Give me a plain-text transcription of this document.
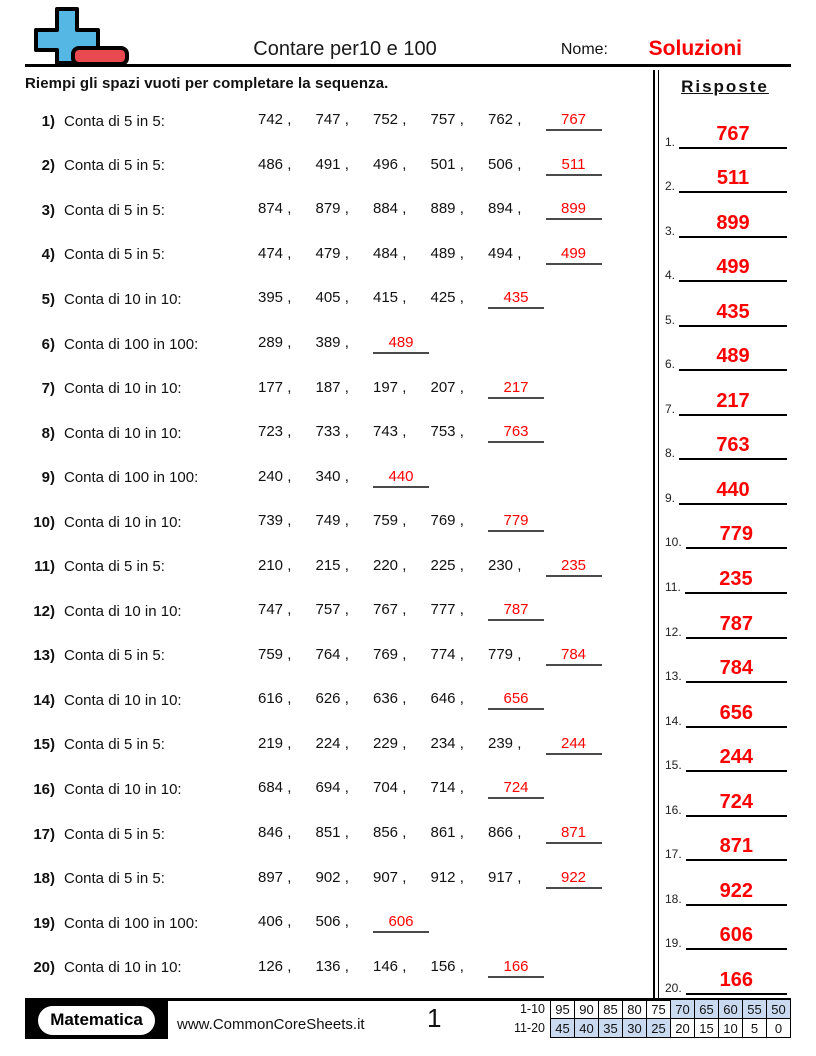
Contare per10 e 100	Nome: Soluzioni
Riempi gli spazi vuoti per completare la sequenza.
1) Conta di 5 in 5:	742 , 747 , 752 , 757 , 762 ,	767
2) Conta di 5 in 5:	486 , 491 , 496 , 501 , 506 ,	511
3) Conta di 5 in 5:	874 , 879 , 884 , 889 , 894 ,	899
4) Conta di 5 in 5:	474 , 479 , 484 , 489 , 494 ,	499
5) Conta di 10 in 10:	395 , 405 , 415 , 425 ,	435
6) Conta di 100 in 100:	289 , 389 ,	489
7) Conta di 10 in 10:	177 , 187 , 197 , 207 ,	217
8) Conta di 10 in 10:	723 , 733 , 743 , 753 ,	763
9) Conta di 100 in 100:	240 , 340 ,	440
10) Conta di 10 in 10:	739 , 749 , 759 , 769 ,	779
11) Conta di 5 in 5:	210 , 215 , 220 , 225 , 230 ,	235
12) Conta di 10 in 10:	747 , 757 , 767 , 777 ,	787
13) Conta di 5 in 5:	759 , 764 , 769 , 774 , 779 ,	784
14) Conta di 10 in 10:	616 , 626 , 636 , 646 ,	656
15) Conta di 5 in 5:	219 , 224 , 229 , 234 , 239 ,	244
16) Conta di 10 in 10:	684 , 694 , 704 , 714 ,	724
17) Conta di 5 in 5:	846 , 851 , 856 , 861 , 866 ,	871
18) Conta di 5 in 5:	897 , 902 , 907 , 912 , 917 ,	922
19) Conta di 100 in 100:	406 , 506 ,	606
20) Conta di 10 in 10:	126 , 136 , 146 , 156 ,	166
Risposte
1.	767
2.	511
3.	899
4.	499
5.	435
6.	489
7.	217
8.	763
9.	440
10.	779
11.	235
12.	787
13.	784
14.	656
15.	244
16.	724
17.	871
18.	922
19.	606
20.	166
Matematica	www.CommonCoreSheets.it 1	1-10	95	90	85	80	75	70	65	60	55	50
11-20	45	40	35	30	25	20	15	10	5	0
